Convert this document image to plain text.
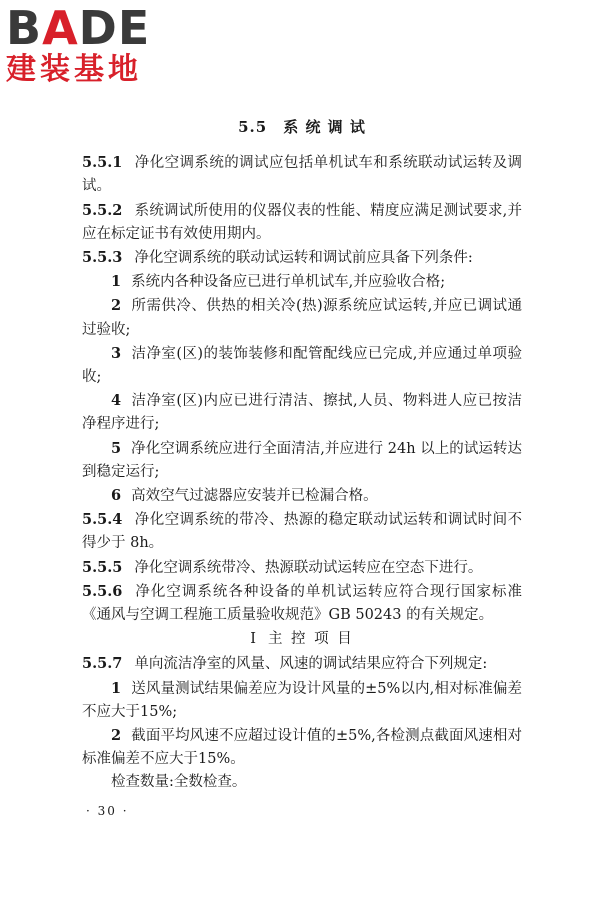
BADE
建装基地
5.5 系 统 调 试
5.5.1 净化空调系统的调试应包括单机试车和系统联动试运转及调试。
5.5.2 系统调试所使用的仪器仪表的性能、精度应满足测试要求,并应在标定证书有效使用期内。
5.5.3 净化空调系统的联动试运转和调试前应具备下列条件:
1 系统内各种设备应已进行单机试车,并应验收合格;
2 所需供冷、供热的相关冷(热)源系统应试运转,并应已调试通过验收;
3 洁净室(区)的装饰装修和配管配线应已完成,并应通过单项验收;
4 洁净室(区)内应已进行清洁、擦拭,人员、物料进人应已按洁净程序进行;
5 净化空调系统应进行全面清洁,并应进行 24h 以上的试运转达到稳定运行;
6 高效空气过滤器应安装并已检漏合格。
5.5.4 净化空调系统的带冷、热源的稳定联动试运转和调试时间不得少于 8h。
5.5.5 净化空调系统带冷、热源联动试运转应在空态下进行。
5.5.6 净化空调系统各种设备的单机试运转应符合现行国家标准《通风与空调工程施工质量验收规范》GB 50243 的有关规定。
Ⅰ 主 控 项 目
5.5.7 单向流洁净室的风量、风速的调试结果应符合下列规定:
1 送风量测试结果偏差应为设计风量的±5%以内,相对标准偏差不应大于15%;
2 截面平均风速不应超过设计值的±5%,各检测点截面风速相对标准偏差不应大于15%。
检查数量:全数检查。
· 30 ·
